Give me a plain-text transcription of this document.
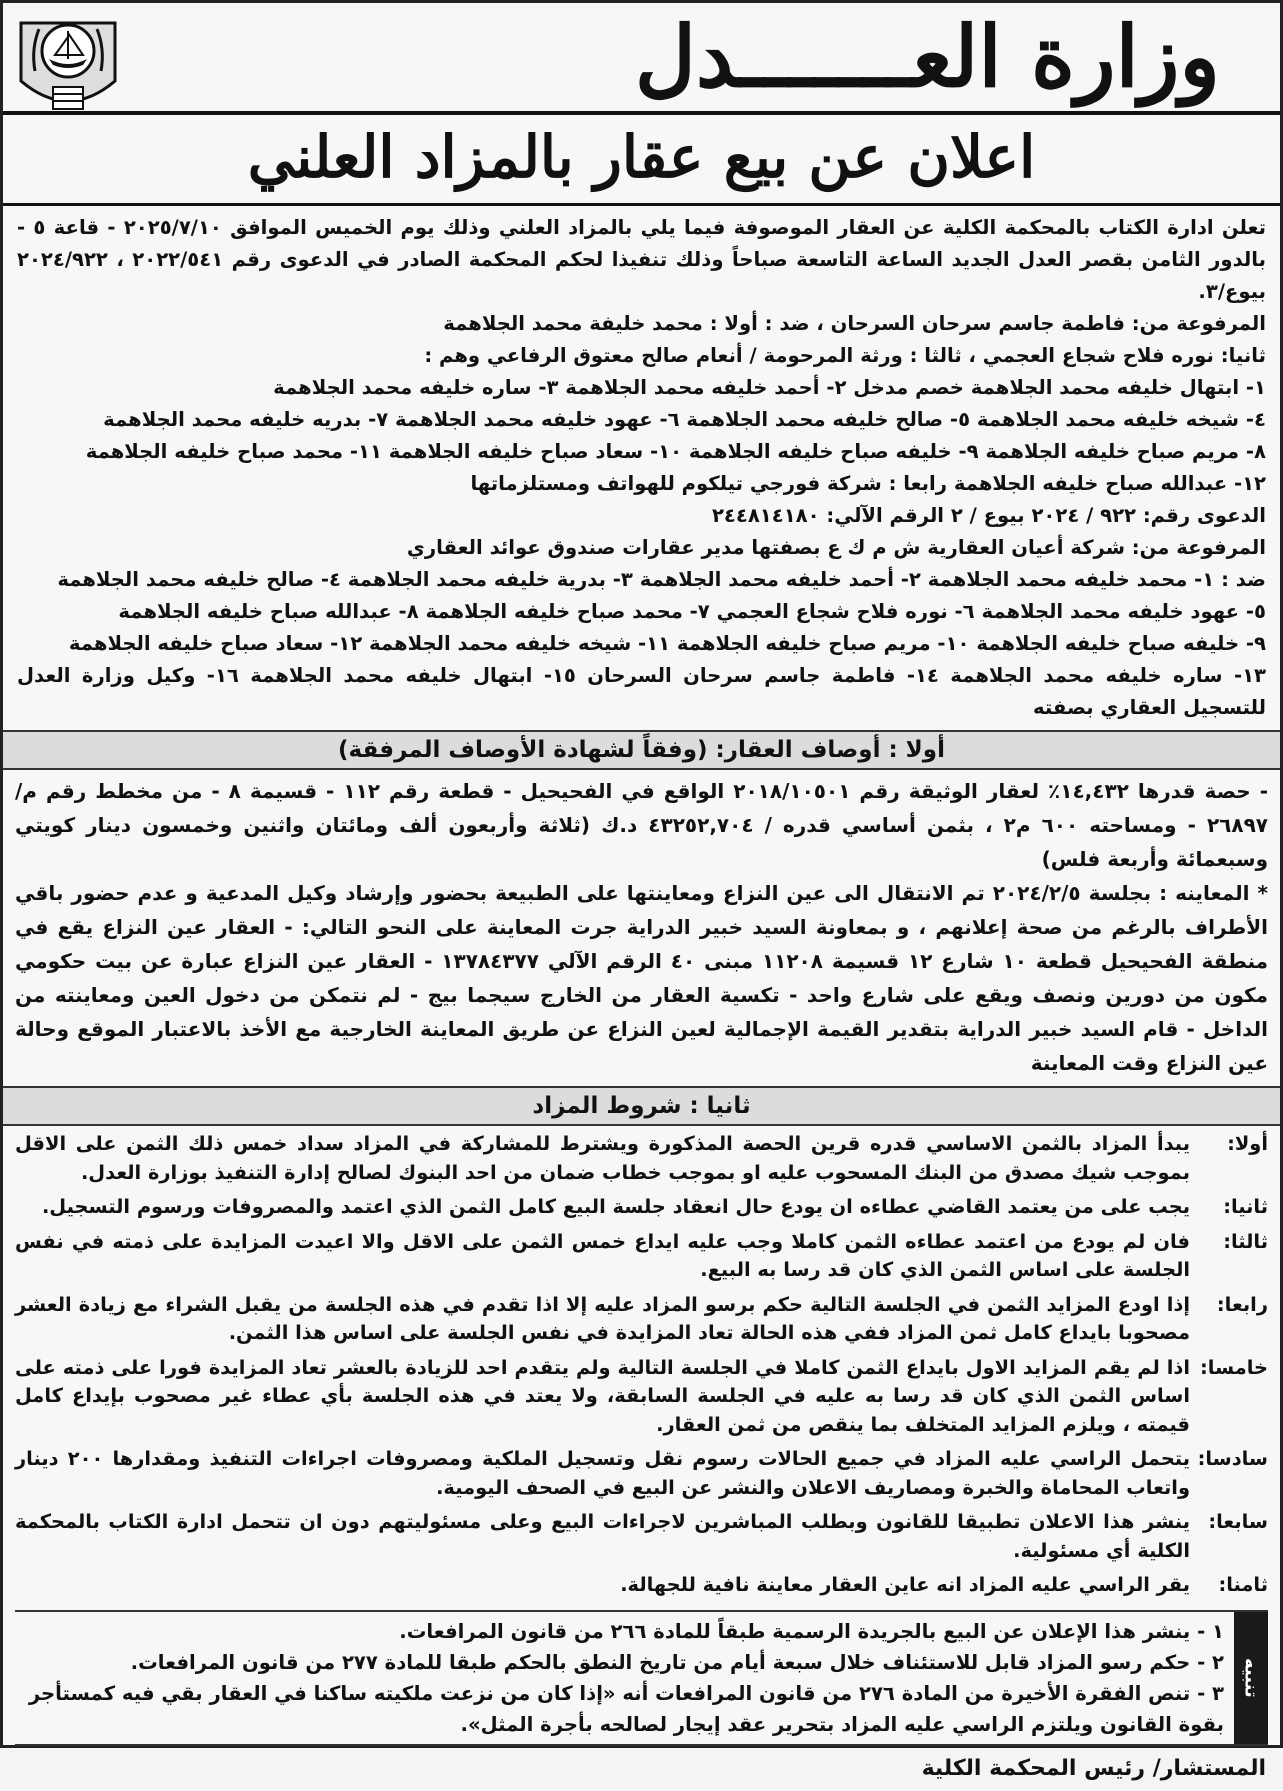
وزارة العـــــــدل
اعلان عن بيع عقار بالمزاد العلني

تعلن ادارة الكتاب بالمحكمة الكلية عن العقار الموصوفة فيما يلي بالمزاد العلني وذلك يوم الخميس الموافق ٢٠٢٥/٧/١٠ - قاعة ٥ - بالدور الثامن بقصر العدل الجديد الساعة التاسعة صباحاً وذلك تنفيذا لحكم المحكمة الصادر في الدعوى رقم ٢٠٢٢/٥٤١ ، ٢٠٢٤/٩٢٢ بيوع/٣.

المرفوعة من: فاطمة جاسم سرحان السرحان ، ضد : أولا : محمد خليفة محمد الجلاهمة

ثانيا: نوره فلاح شجاع العجمي ، ثالثا : ورثة المرحومة / أنعام صالح معتوق الرفاعي وهم :

١- ابتهال خليفه محمد الجلاهمة خصم مدخل ٢- أحمد خليفه محمد الجلاهمة ٣- ساره خليفه محمد الجلاهمة

٤- شيخه خليفه محمد الجلاهمة ٥- صالح خليفه محمد الجلاهمة ٦- عهود خليفه محمد الجلاهمة ٧- بدريه خليفه محمد الجلاهمة

٨- مريم صباح خليفه الجلاهمة ٩- خليفه صباح خليفه الجلاهمة ١٠- سعاد صباح خليفه الجلاهمة ١١- محمد صباح خليفه الجلاهمة

١٢- عبدالله صباح خليفه الجلاهمة رابعا : شركة فورجي تيلكوم للهواتف ومستلزماتها

الدعوى رقم: ٩٢٢ / ٢٠٢٤ بيوع / ٢ الرقم الآلي: ٢٤٤٨١٤١٨٠

المرفوعة من: شركة أعيان العقارية ش م ك ع بصفتها مدير عقارات صندوق عوائد العقاري

ضد : ١- محمد خليفه محمد الجلاهمة ٢- أحمد خليفه محمد الجلاهمة ٣- بدرية خليفه محمد الجلاهمة ٤- صالح خليفه محمد الجلاهمة

٥- عهود خليفه محمد الجلاهمة ٦- نوره فلاح شجاع العجمي ٧- محمد صباح خليفه الجلاهمة ٨- عبدالله صباح خليفه الجلاهمة

٩- خليفه صباح خليفه الجلاهمة ١٠- مريم صباح خليفه الجلاهمة ١١- شيخه خليفه محمد الجلاهمة ١٢- سعاد صباح خليفه الجلاهمة

١٣- ساره خليفه محمد الجلاهمة ١٤- فاطمة جاسم سرحان السرحان ١٥- ابتهال خليفه محمد الجلاهمة ١٦- وكيل وزارة العدل للتسجيل العقاري بصفته

أولا : أوصاف العقار: (وفقاً لشهادة الأوصاف المرفقة)

- حصة قدرها ١٤,٤٣٢٪ لعقار الوثيقة رقم ٢٠١٨/١٠٥٠١ الواقع في الفحيحيل - قطعة رقم ١١٢ - قسيمة ٨ - من مخطط رقم م/٢٦٨٩٧ - ومساحته ٦٠٠ م٢ ، بثمن أساسي قدره / ٤٣٢٥٢,٧٠٤ د.ك (ثلاثة وأربعون ألف ومائتان واثنين وخمسون دينار كويتي وسبعمائة وأربعة فلس)

* المعاينه : بجلسة ٢٠٢٤/٢/٥ تم الانتقال الى عين النزاع ومعاينتها على الطبيعة بحضور وإرشاد وكيل المدعية و عدم حضور باقي الأطراف بالرغم من صحة إعلانهم ، و بمعاونة السيد خبير الدراية جرت المعاينة على النحو التالي: - العقار عين النزاع يقع في منطقة الفحيحيل قطعة ١٠ شارع ١٢ قسيمة ١١٢٠٨ مبنى ٤٠ الرقم الآلي ١٣٧٨٤٣٧٧ - العقار عين النزاع عبارة عن بيت حكومي مكون من دورين ونصف ويقع على شارع واحد - تكسية العقار من الخارج سيجما بيج - لم نتمكن من دخول العين ومعاينته من الداخل - قام السيد خبير الدراية بتقدير القيمة الإجمالية لعين النزاع عن طريق المعاينة الخارجية مع الأخذ بالاعتبار الموقع وحالة عين النزاع وقت المعاينة

ثانيا : شروط المزاد
أولا:
يبدأ المزاد بالثمن الاساسي قدره قرين الحصة المذكورة ويشترط للمشاركة في المزاد سداد خمس ذلك الثمن على الاقل بموجب شيك مصدق من البنك المسحوب عليه او بموجب خطاب ضمان من احد البنوك لصالح إدارة التنفيذ بوزارة العدل.
ثانيا:
يجب على من يعتمد القاضي عطاءه ان يودع حال انعقاد جلسة البيع كامل الثمن الذي اعتمد والمصروفات ورسوم التسجيل.
ثالثا:
فان لم يودع من اعتمد عطاءه الثمن كاملا وجب عليه ايداع خمس الثمن على الاقل والا اعيدت المزايدة على ذمته في نفس الجلسة على اساس الثمن الذي كان قد رسا به البيع.
رابعا:
إذا اودع المزايد الثمن في الجلسة التالية حكم برسو المزاد عليه إلا اذا تقدم في هذه الجلسة من يقبل الشراء مع زيادة العشر مصحوبا بايداع كامل ثمن المزاد ففي هذه الحالة تعاد المزايدة في نفس الجلسة على اساس هذا الثمن.
خامسا:
اذا لم يقم المزايد الاول بايداع الثمن كاملا في الجلسة التالية ولم يتقدم احد للزيادة بالعشر تعاد المزايدة فورا على ذمته على اساس الثمن الذي كان قد رسا به عليه في الجلسة السابقة، ولا يعتد في هذه الجلسة بأي عطاء غير مصحوب بإيداع كامل قيمته ، ويلزم المزايد المتخلف بما ينقص من ثمن العقار.
سادسا:
يتحمل الراسي عليه المزاد في جميع الحالات رسوم نقل وتسجيل الملكية ومصروفات اجراءات التنفيذ ومقدارها ٢٠٠ دينار واتعاب المحاماة والخبرة ومصاريف الاعلان والنشر عن البيع في الصحف اليومية.
سابعا:
ينشر هذا الاعلان تطبيقا للقانون وبطلب المباشرين لاجراءات البيع وعلى مسئوليتهم دون ان تتحمل ادارة الكتاب بالمحكمة الكلية أي مسئولية.
ثامنا:
يقر الراسي عليه المزاد انه عاين العقار معاينة نافية للجهالة.
تنبيه

١ - ينشر هذا الإعلان عن البيع بالجريدة الرسمية طبقاً للمادة ٢٦٦ من قانون المرافعات.

٢ - حكم رسو المزاد قابل للاستئناف خلال سبعة أيام من تاريخ النطق بالحكم طبقا للمادة ٢٧٧ من قانون المرافعات.

٣ - تنص الفقرة الأخيرة من المادة ٢٧٦ من قانون المرافعات أنه «إذا كان من نزعت ملكيته ساكنا في العقار بقي فيه كمستأجر بقوة القانون ويلتزم الراسي عليه المزاد بتحرير عقد إيجار لصالحه بأجرة المثل».

المستشار/ رئيس المحكمة الكلية
